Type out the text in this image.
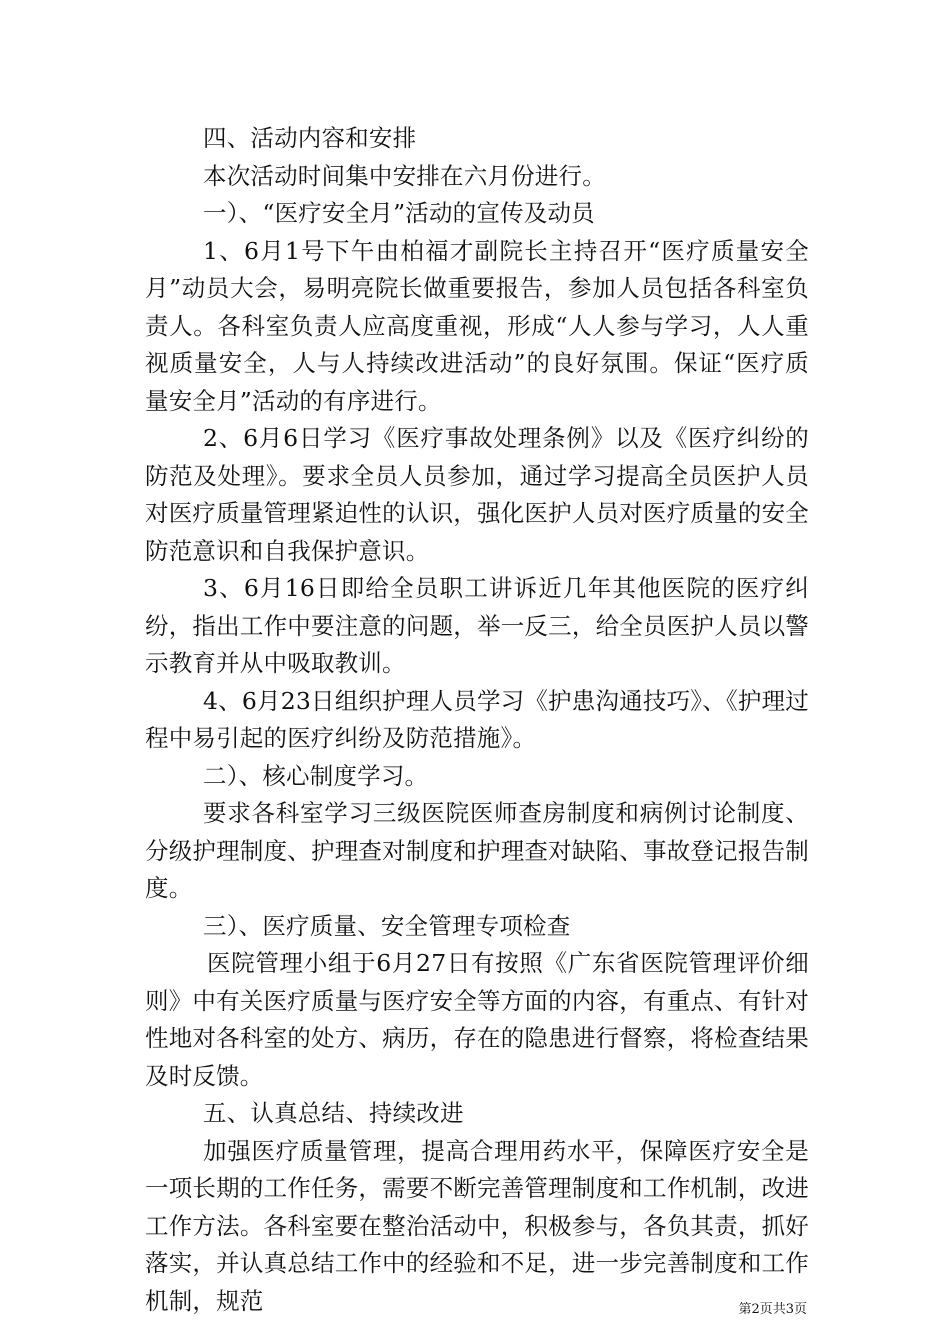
四、活动内容和安排

本次活动时间集中安排在六月份进行。

一）、“医疗安全月”活动的宣传及动员

1、6月1号下午由柏福才副院长主持召开“医疗质量安全月”动员大会，易明亮院长做重要报告，参加人员包括各科室负责人。各科室负责人应高度重视，形成“人人参与学习，人人重视质量安全，人与人持续改进活动”的良好氛围。保证“医疗质量安全月”活动的有序进行。

2、6月6日学习《医疗事故处理条例》以及《医疗纠纷的防范及处理》。要求全员人员参加，通过学习提高全员医护人员对医疗质量管理紧迫性的认识，强化医护人员对医疗质量的安全防范意识和自我保护意识。

3、6月16日即给全员职工讲诉近几年其他医院的医疗纠纷，指出工作中要注意的问题，举一反三，给全员医护人员以警示教育并从中吸取教训。

4、6月23日组织护理人员学习《护患沟通技巧》、《护理过程中易引起的医疗纠纷及防范措施》。

二）、核心制度学习。

要求各科室学习三级医院医师查房制度和病例讨论制度、分级护理制度、护理查对制度和护理查对缺陷、事故登记报告制度。

三）、医疗质量、安全管理专项检查

医院管理小组于6月27日有按照《广东省医院管理评价细则》中有关医疗质量与医疗安全等方面的内容，有重点、有针对性地对各科室的处方、病历，存在的隐患进行督察，将检查结果及时反馈。

五、认真总结、持续改进

加强医疗质量管理，提高合理用药水平，保障医疗安全是一项长期的工作任务，需要不断完善管理制度和工作机制，改进工作方法。各科室要在整治活动中，积极参与，各负其责，抓好落实，并认真总结工作中的经验和不足，进一步完善制度和工作机制，规范	第2页共3页
